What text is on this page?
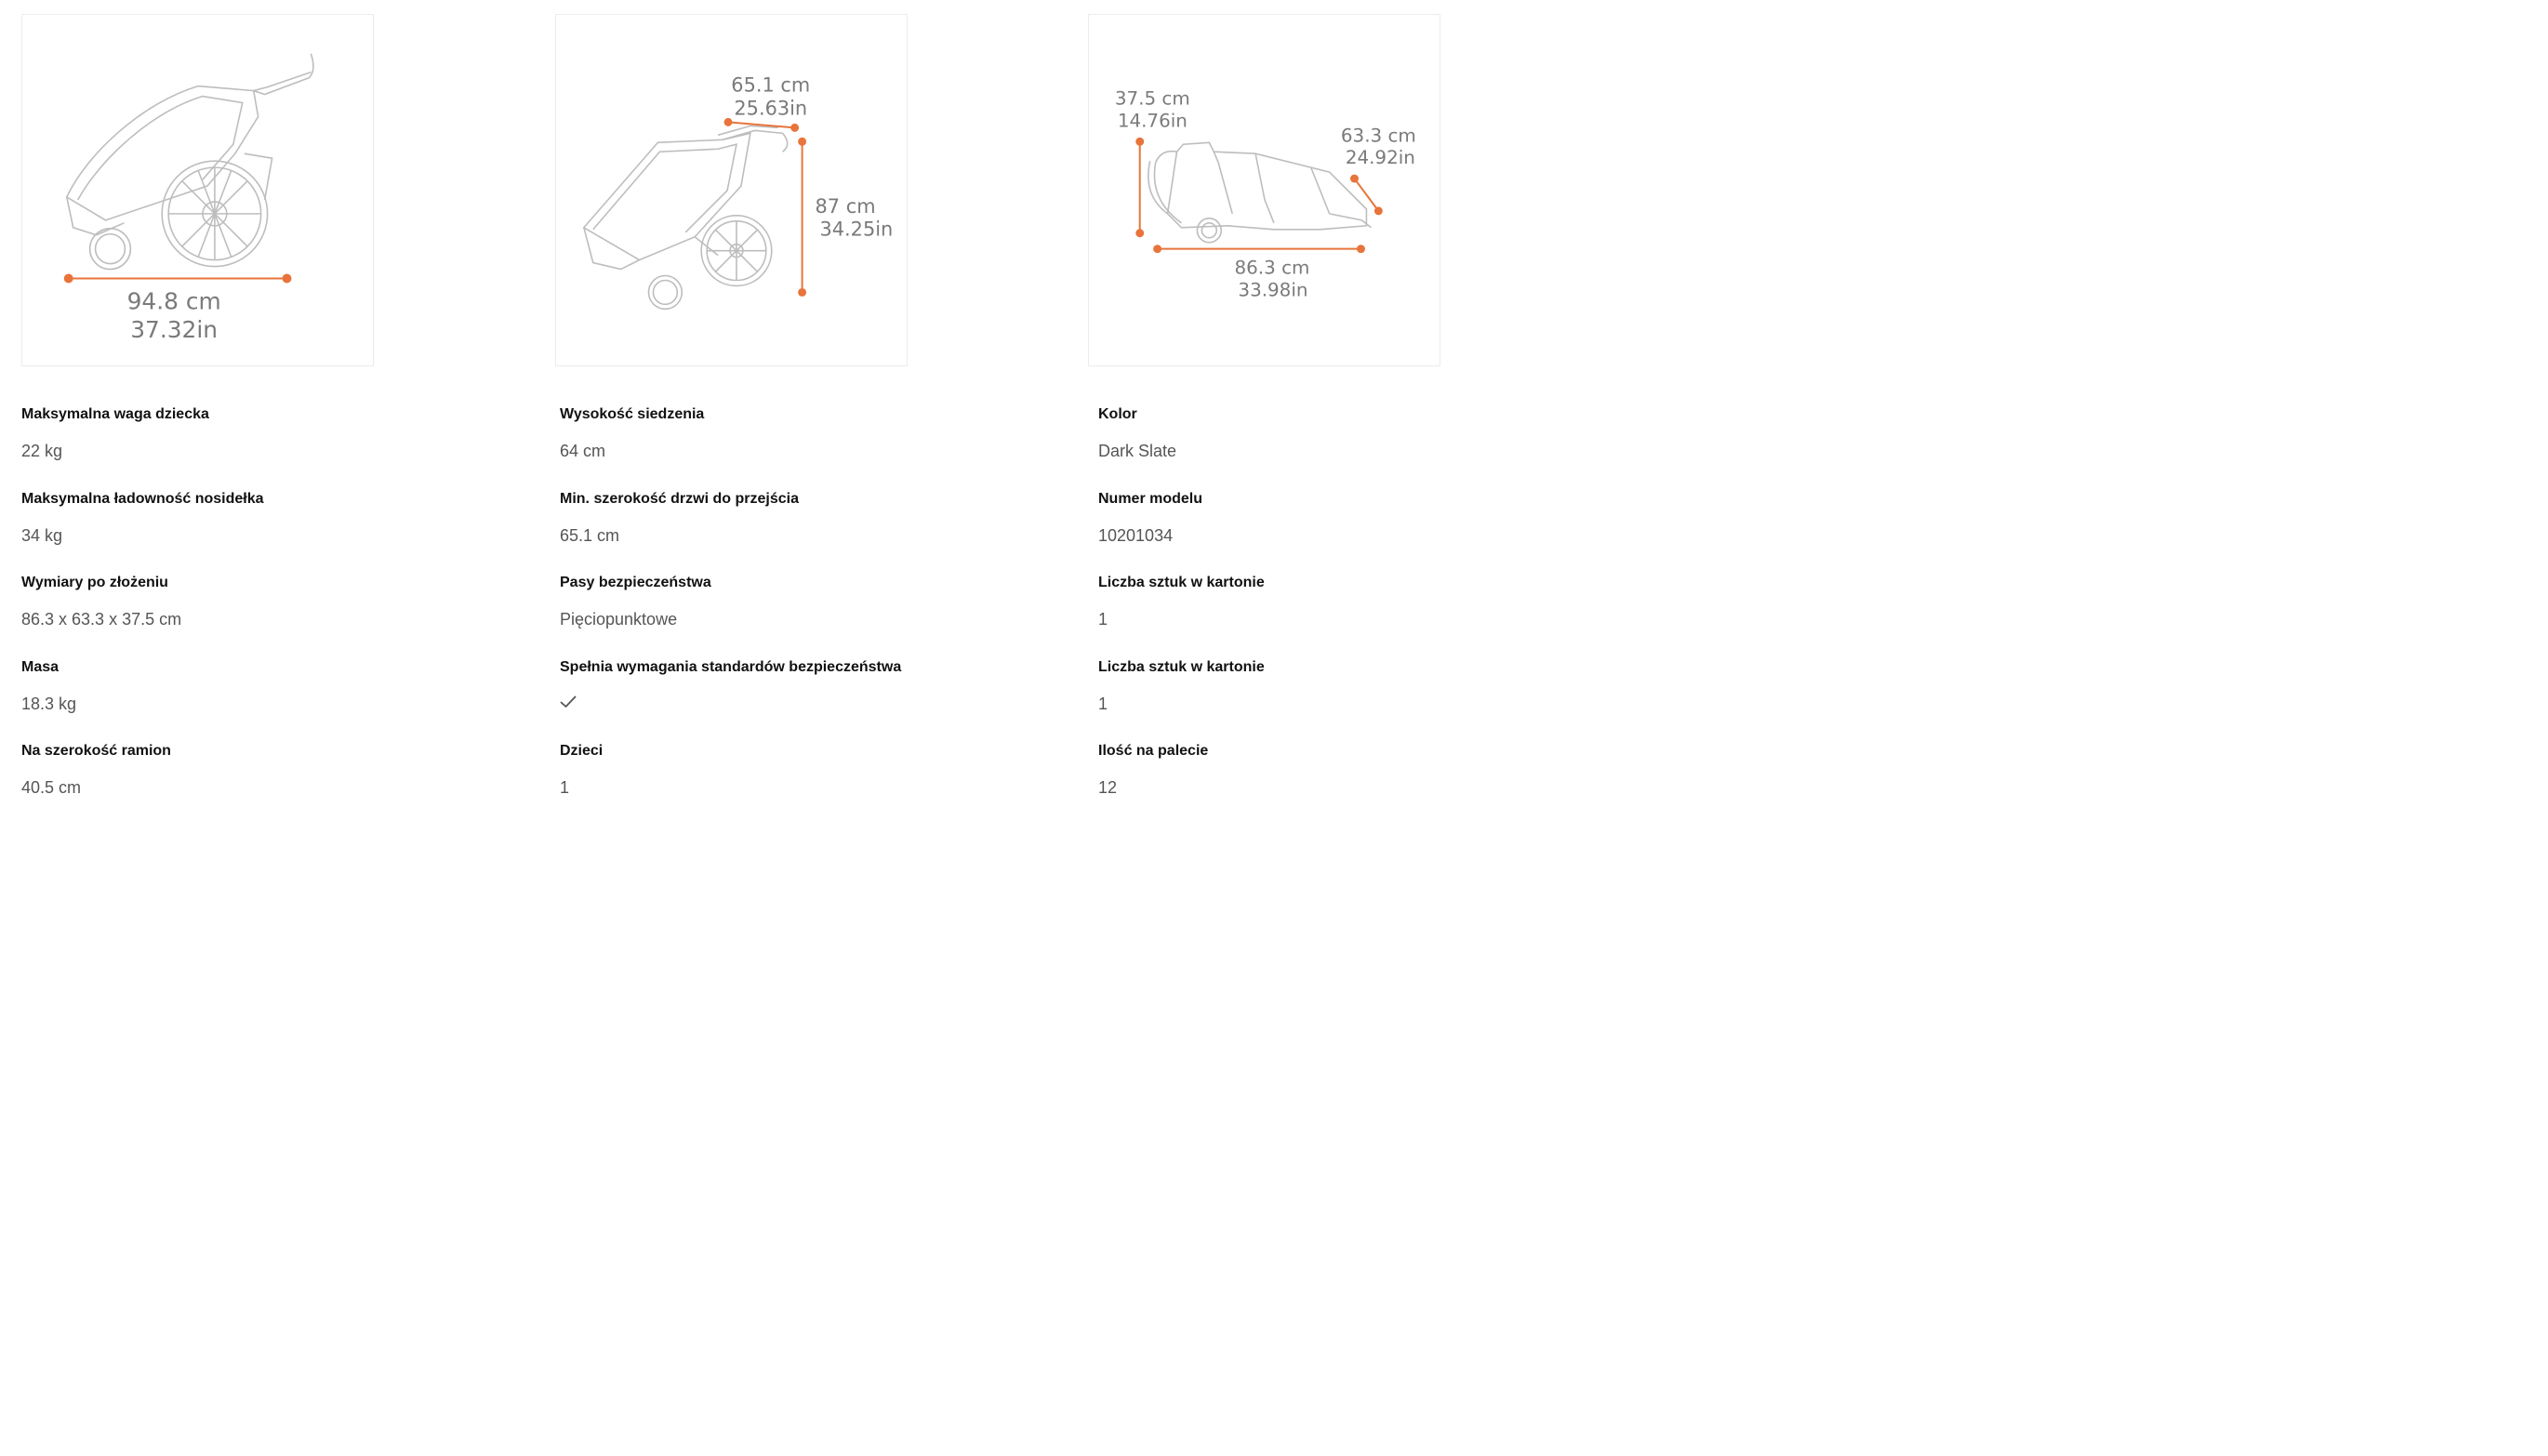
94.8 cm
37.32in
65.1 cm
25.63in
87 cm
34.25in
37.5 cm
14.76in
63.3 cm
24.92in
86.3 cm
33.98in
Maksymalna waga dziecka
22 kg
Maksymalna ładowność nosidełka
34 kg
Wymiary po złożeniu
86.3 x 63.3 x 37.5 cm
Masa
18.3 kg
Na szerokość ramion
40.5 cm
Wysokość siedzenia
64 cm
Min. szerokość drzwi do przejścia
65.1 cm
Pasy bezpieczeństwa
Pięciopunktowe
Spełnia wymagania standardów bezpieczeństwa
Dzieci
1
Kolor
Dark Slate
Numer modelu
10201034
Liczba sztuk w kartonie
1
Liczba sztuk w kartonie
1
Ilość na palecie
12
